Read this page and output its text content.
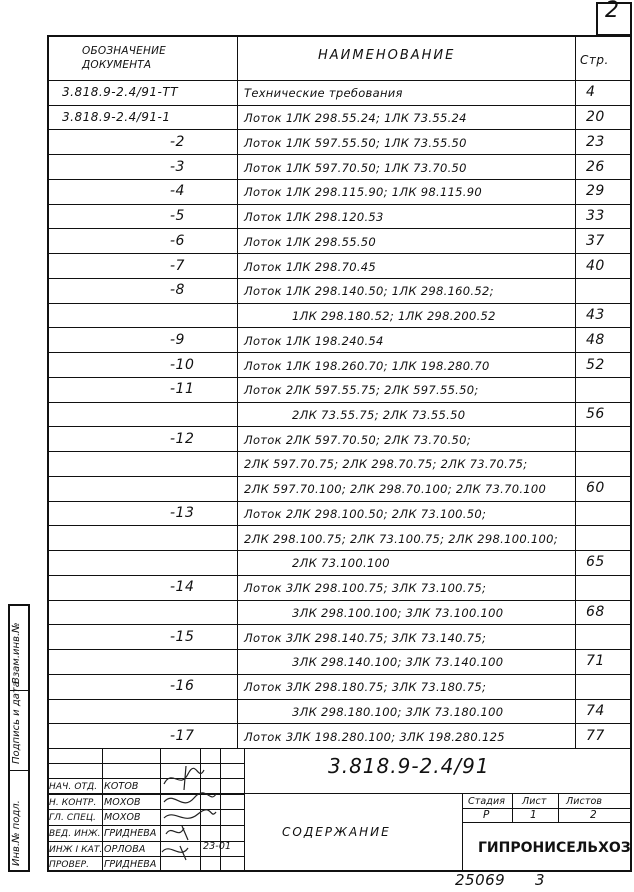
2
ОБОЗНАЧЕНИЕ
ДОКУМЕНТА
НАИМЕНОВАНИЕ	Стр.
3.818.9-2.4/91-ТТ	Технические требования	4
3.818.9-2.4/91-1	Лоток 1ЛК 298.55.24; 1ЛК 73.55.24	20
-2	Лоток 1ЛК 597.55.50; 1ЛК 73.55.50	23
-3	Лоток 1ЛК 597.70.50; 1ЛК 73.70.50	26
-4	Лоток 1ЛК 298.115.90; 1ЛК 98.115.90	29
-5	Лоток 1ЛК 298.120.53	33
-6	Лоток 1ЛК 298.55.50	37
-7	Лоток 1ЛК 298.70.45	40
-8	Лоток 1ЛК 298.140.50; 1ЛК 298.160.52;
1ЛК 298.180.52; 1ЛК 298.200.52	43
-9	Лоток 1ЛК 198.240.54	48
-10	Лоток 1ЛК 198.260.70; 1ЛК 198.280.70	52
-11	Лоток 2ЛК 597.55.75; 2ЛК 597.55.50;
2ЛК 73.55.75; 2ЛК 73.55.50	56
-12	Лоток 2ЛК 597.70.50; 2ЛК 73.70.50;
2ЛК 597.70.75; 2ЛК 298.70.75; 2ЛК 73.70.75;
2ЛК 597.70.100; 2ЛК 298.70.100; 2ЛК 73.70.100	60
-13	Лоток 2ЛК 298.100.50; 2ЛК 73.100.50;
2ЛК 298.100.75; 2ЛК 73.100.75; 2ЛК 298.100.100;
2ЛК 73.100.100	65
-14	Лоток 3ЛК 298.100.75; 3ЛК 73.100.75;
3ЛК 298.100.100; 3ЛК 73.100.100	68
-15	Лоток 3ЛК 298.140.75; 3ЛК 73.140.75;
3ЛК 298.140.100; 3ЛК 73.140.100	71
-16	Лоток 3ЛК 298.180.75; 3ЛК 73.180.75;
3ЛК 298.180.100; 3ЛК 73.180.100	74
-17	Лоток 3ЛК 198.280.100; 3ЛК 198.280.125	77
Взам.инв.№
Подпись и дата
Инв.№ подл.
3.818.9-2.4/91
Стадия Лист Листов
Р	1	2
СОДЕРЖАНИЕ
ГИПРОНИСЕЛЬХОЗ
НАЧ. ОТД. КОТОВ
Н. КОНТР. МОХОВ
ГЛ. СПЕЦ. МОХОВ
ВЕД. ИНЖ. ГРИДНЕВА
ИНЖ I КАТ. ОРЛОВА
ПРОВЕР. ГРИДНЕВА
23-01
25069 3
